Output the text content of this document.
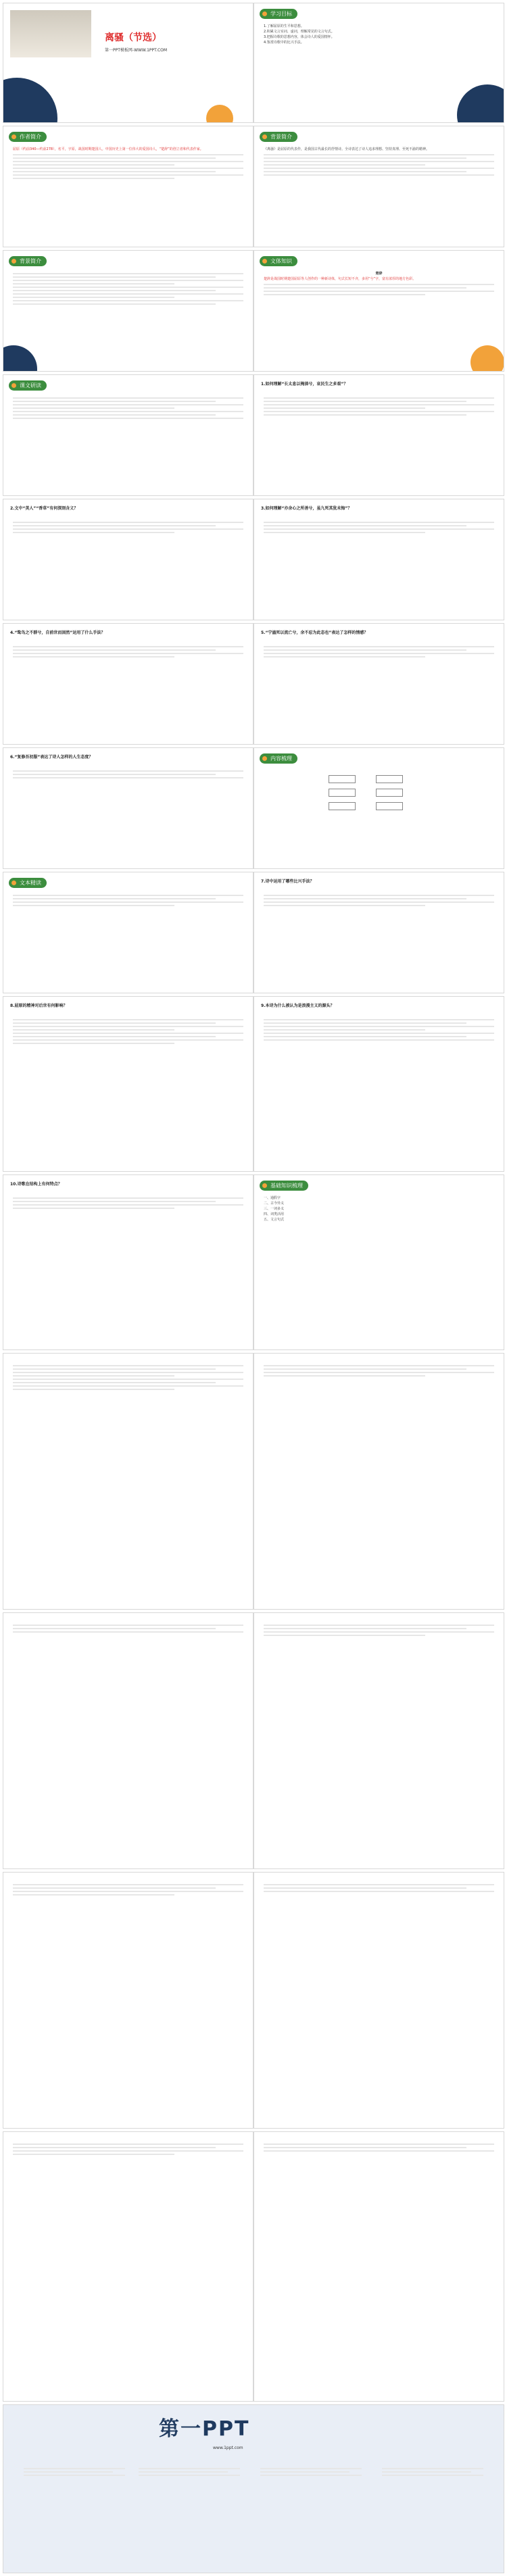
离骚（节选）
第一PPT模板网-WWW.1PPT.COM
学习目标
1.了解屈原的生平和思想。
2.积累文言实词、虚词，理解常见的文言句式。
3.把握诗歌的思想内容，体会诗人的爱国情怀。
4.鉴赏诗歌中的比兴手法。
作者简介
屈原（约前340—约前278），名平，字原，战国时期楚国人。中国历史上第一位伟大的爱国诗人，“楚辞”的创立者和代表作家。
背景简介
《离骚》是屈原的代表作，是我国古代最长的抒情诗。全诗表达了诗人追求理想、坚持真理、至死不渝的精神。
背景简介	文体知识
楚辞
楚辞是战国时期楚国屈原等人创作的一种新诗体，句式长短不齐，多用“兮”字，富有浓厚的地方色彩。
课文研读	1.如何理解“长太息以掩涕兮，哀民生之多艰”？
2.文中“美人”“香草”有何深刻含义？	3.如何理解“亦余心之所善兮，虽九死其犹未悔”？
4.“鸷鸟之不群兮，自前世而固然”运用了什么手法？	5.“宁溘死以流亡兮，余不忍为此态也”表达了怎样的情感？
6.“复修吾初服”表达了诗人怎样的人生态度？	内容梳理
文本精读	7.诗中运用了哪些比兴手法？
8.屈原的精神对后世有何影响？	9.本诗为什么被认为是浪漫主义的源头？
10.诗歌在结构上有何特点？	基础知识梳理
一、通假字
二、古今异义
三、一词多义
四、词类活用
五、文言句式
第一PPT
www.1ppt.com
